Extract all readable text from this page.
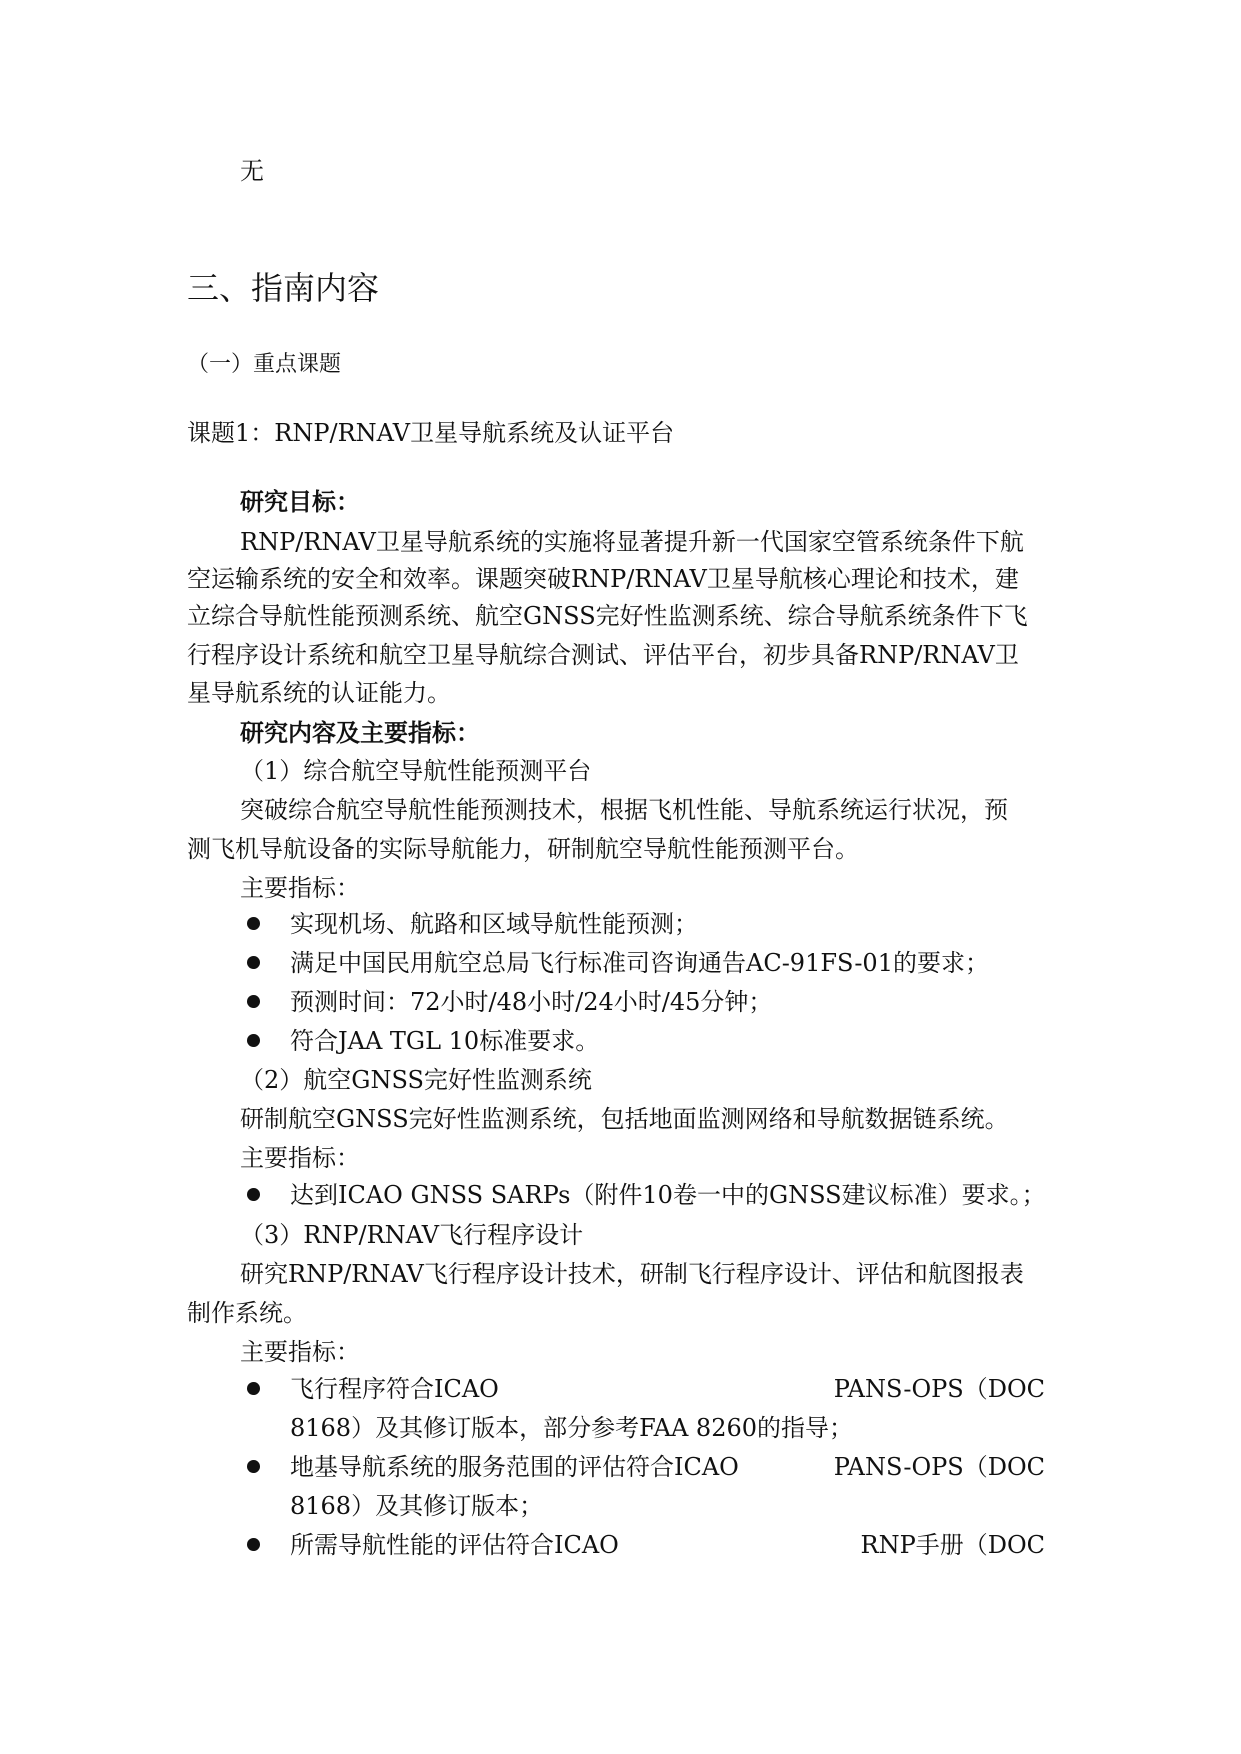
无
三、指南内容
（一）重点课题
课题1：RNP/RNAV卫星导航系统及认证平台
研究目标：
RNP/RNAV卫星导航系统的实施将显著提升新一代国家空管系统条件下航
空运输系统的安全和效率。课题突破RNP/RNAV卫星导航核心理论和技术，建
立综合导航性能预测系统、航空GNSS完好性监测系统、综合导航系统条件下飞
行程序设计系统和航空卫星导航综合测试、评估平台，初步具备RNP/RNAV卫
星导航系统的认证能力。
研究内容及主要指标：
（1）综合航空导航性能预测平台
突破综合航空导航性能预测技术，根据飞机性能、导航系统运行状况，预
测飞机导航设备的实际导航能力，研制航空导航性能预测平台。
主要指标：
实现机场、航路和区域导航性能预测；
满足中国民用航空总局飞行标准司咨询通告AC-91FS-01的要求；
预测时间：72小时/48小时/24小时/45分钟；
符合JAA TGL 10标准要求。
（2）航空GNSS完好性监测系统
研制航空GNSS完好性监测系统，包括地面监测网络和导航数据链系统。
主要指标：
达到ICAO GNSS SARPs（附件10卷一中的GNSS建议标准）要求。；
（3）RNP/RNAV飞行程序设计
研究RNP/RNAV飞行程序设计技术，研制飞行程序设计、评估和航图报表
制作系统。
主要指标：
飞行程序符合ICAO	PANS-OPS（DOC
8168）及其修订版本，部分参考FAA 8260的指导；
地基导航系统的服务范围的评估符合ICAO	PANS-OPS（DOC
8168）及其修订版本；
所需导航性能的评估符合ICAO	RNP手册（DOC
